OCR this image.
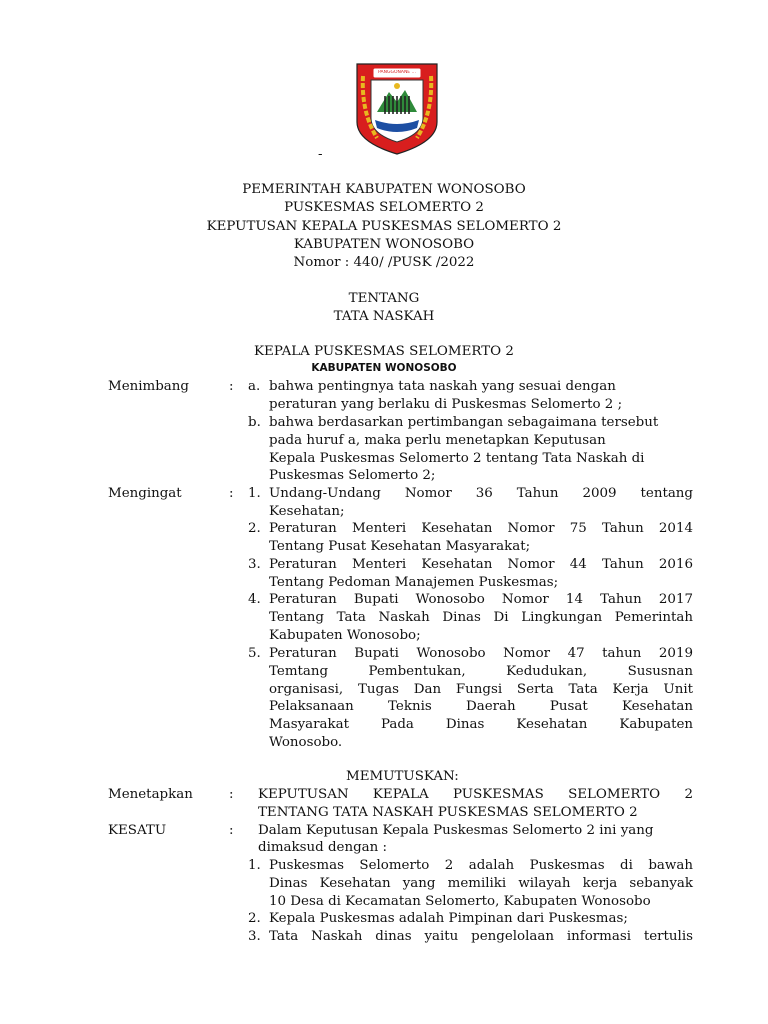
PANGGONANE ...
-
PEMERINTAH KABUPATEN WONOSOBO
PUSKESMAS SELOMERTO 2
KEPUTUSAN KEPALA PUSKESMAS SELOMERTO 2
KABUPATEN WONOSOBO
Nomor : 440/ /PUSK /2022
TENTANG
TATA NASKAH
KEPALA PUSKESMAS SELOMERTO 2
KABUPATEN WONOSOBO
Menimbang	: a. bahwa pentingnya tata naskah yang sesuai dengan
peraturan yang berlaku di Puskesmas Selomerto 2 ;
b. bahwa berdasarkan pertimbangan sebagaimana tersebut
pada huruf a, maka perlu menetapkan Keputusan
Kepala Puskesmas Selomerto 2 tentang Tata Naskah di
Puskesmas Selomerto 2;
Mengingat	: 1. Undang-Undang Nomor 36 Tahun 2009 tentang
Kesehatan;
2. Peraturan Menteri Kesehatan Nomor 75 Tahun 2014
Tentang Pusat Kesehatan Masyarakat;
3. Peraturan Menteri Kesehatan Nomor 44 Tahun 2016
Tentang Pedoman Manajemen Puskesmas;
4. Peraturan Bupati Wonosobo Nomor 14 Tahun 2017
Tentang Tata Naskah Dinas Di Lingkungan Pemerintah
Kabupaten Wonosobo;
5. Peraturan Bupati Wonosobo Nomor 47 tahun 2019
Temtang Pembentukan, Kedudukan, Sususnan
organisasi, Tugas Dan Fungsi Serta Tata Kerja Unit
Pelaksanaan Teknis Daerah Pusat Kesehatan
Masyarakat Pada Dinas Kesehatan Kabupaten
Wonosobo.
MEMUTUSKAN:
Menetapkan	: KEPUTUSAN KEPALA PUSKESMAS SELOMERTO 2
TENTANG TATA NASKAH PUSKESMAS SELOMERTO 2
KESATU	: Dalam Keputusan Kepala Puskesmas Selomerto 2 ini yang
dimaksud dengan :
1. Puskesmas Selomerto 2 adalah Puskesmas di bawah
Dinas Kesehatan yang memiliki wilayah kerja sebanyak
10 Desa di Kecamatan Selomerto, Kabupaten Wonosobo
2. Kepala Puskesmas adalah Pimpinan dari Puskesmas;
3. Tata Naskah dinas yaitu pengelolaan informasi tertulis
